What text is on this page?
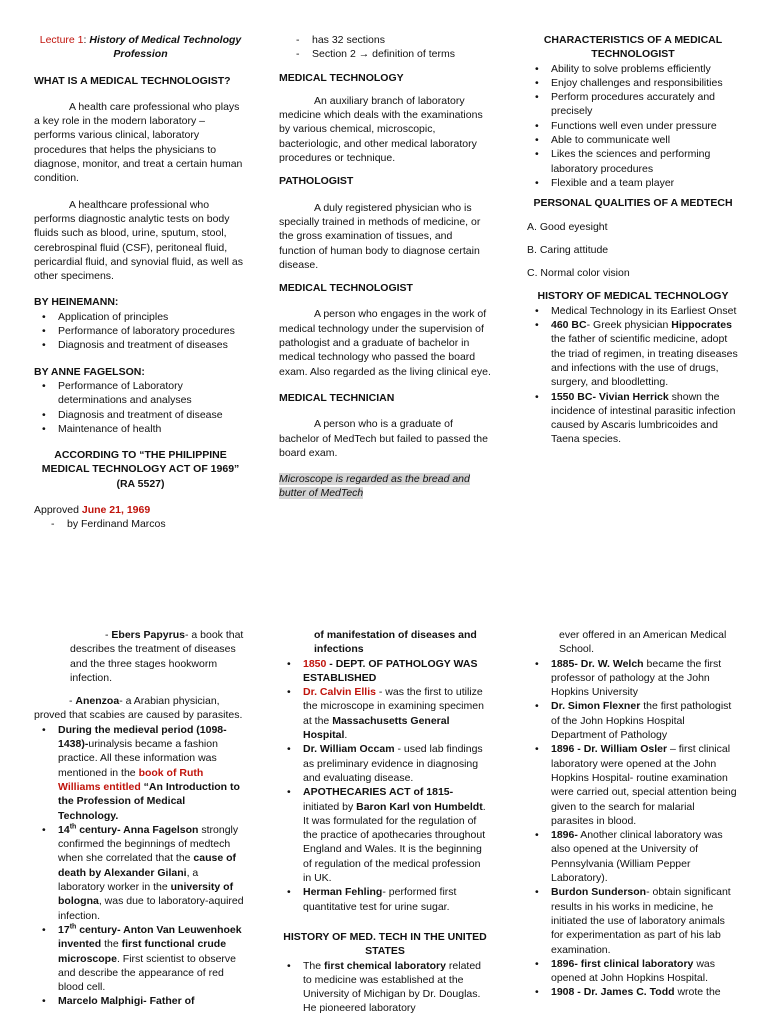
Lecture 1: History of Medical Technology Profession

WHAT IS A MEDICAL TECHNOLOGIST?

A health care professional who plays a key role in the modern laboratory – performs various clinical, laboratory procedures that helps the physicians to diagnose, monitor, and treat a certain human condition.

A healthcare professional who performs diagnostic analytic tests on body fluids such as blood, urine, sputum, stool, cerebrospinal fluid (CSF), peritoneal fluid, pericardial fluid, and synovial fluid, as well as other specimens.

BY HEINEMANN:

• Application of principles
• Performance of laboratory procedures
• Diagnosis and treatment of diseases

BY ANNE FAGELSON:

• Performance of Laboratory determinations and analyses
• Diagnosis and treatment of disease
• Maintenance of health

ACCORDING TO “THE PHILIPPINE MEDICAL TECHNOLOGY ACT OF 1969” (RA 5527)

Approved June 21, 1969

- by Ferdinand Marcos
- has 32 sections
- Section 2 → definition of terms

MEDICAL TECHNOLOGY

An auxiliary branch of laboratory medicine which deals with the examinations by various chemical, microscopic, bacteriologic, and other medical laboratory procedures or technique.

PATHOLOGIST

A duly registered physician who is specially trained in methods of medicine, or the gross examination of tissues, and function of human body to diagnose certain disease.

MEDICAL TECHNOLOGIST

A person who engages in the work of medical technology under the supervision of pathologist and a graduate of bachelor in medical technology who passed the board exam. Also regarded as the living clinical eye.

MEDICAL TECHNICIAN

A person who is a graduate of bachelor of MedTech but failed to passed the board exam.

Microscope is regarded as the bread and butter of MedTech

CHARACTERISTICS OF A MEDICAL TECHNOLOGIST

• Ability to solve problems efficiently
• Enjoy challenges and responsibilities
• Perform procedures accurately and precisely
• Functions well even under pressure
• Able to communicate well
• Likes the sciences and performing laboratory procedures
• Flexible and a team player

PERSONAL QUALITIES OF A MEDTECH

A. Good eyesight

B. Caring attitude

C. Normal color vision

HISTORY OF MEDICAL TECHNOLOGY

• Medical Technology in its Earliest Onset
• 460 BC- Greek physician Hippocrates the father of scientific medicine, adopt the triad of regimen, in treating diseases and infections with the use of drugs, surgery, and bloodletting.
• 1550 BC- Vivian Herrick shown the incidence of intestinal parasitic infection caused by Ascaris lumbricoides and Taena species.

- Ebers Papyrus- a book that describes the treatment of diseases and the three stages hookworm infection.

- Anenzoa- a Arabian physician, proved that scabies are caused by parasites.

• During the medieval period (1098-1438)-urinalysis became a fashion practice. All these information was mentioned in the book of Ruth Williams entitled “An Introduction to the Profession of Medical Technology.
• 14th century- Anna Fagelson strongly confirmed the beginnings of medtech when she correlated that the cause of death by Alexander Gilani, a laboratory worker in the university of bologna, was due to laboratory-aquired infection.
• 17th century- Anton Van Leuwenhoek invented the first functional crude microscope. First scientist to observe and describe the appearance of red blood cell.
• Marcelo Malphigi- Father of

of manifestation of diseases and infections

• 1850 - DEPT. OF PATHOLOGY WAS ESTABLISHED
• Dr. Calvin Ellis - was the first to utilize the microscope in examining specimen at the Massachusetts General Hospital.
• Dr. William Occam - used lab findings as preliminary evidence in diagnosing and evaluating disease.
• APOTHECARIES ACT of 1815- initiated by Baron Karl von Humbeldt. It was formulated for the regulation of the practice of apothecaries throughout England and Wales. It is the beginning of regulation of the medical profession in UK.
• Herman Fehling- performed first quantitative test for urine sugar.

HISTORY OF MED. TECH IN THE UNITED STATES

• The first chemical laboratory related to medicine was established at the University of Michigan by Dr. Douglas. He pioneered laboratory

ever offered in an American Medical School.

• 1885- Dr. W. Welch became the first professor of pathology at the John Hopkins University
• Dr. Simon Flexner the first pathologist of the John Hopkins Hospital Department of Pathology
• 1896 - Dr. William Osler – first clinical laboratory were opened at the John Hopkins Hospital- routine examination were carried out, special attention being given to the search for malarial parasites in blood.
• 1896- Another clinical laboratory was also opened at the University of Pennsylvania (William Pepper Laboratory).
• Burdon Sunderson- obtain significant results in his works in medicine, he initiated the use of laboratory animals for experimentation as part of his lab examination.
• 1896- first clinical laboratory was opened at John Hopkins Hospital.
• 1908 - Dr. James C. Todd wrote the
